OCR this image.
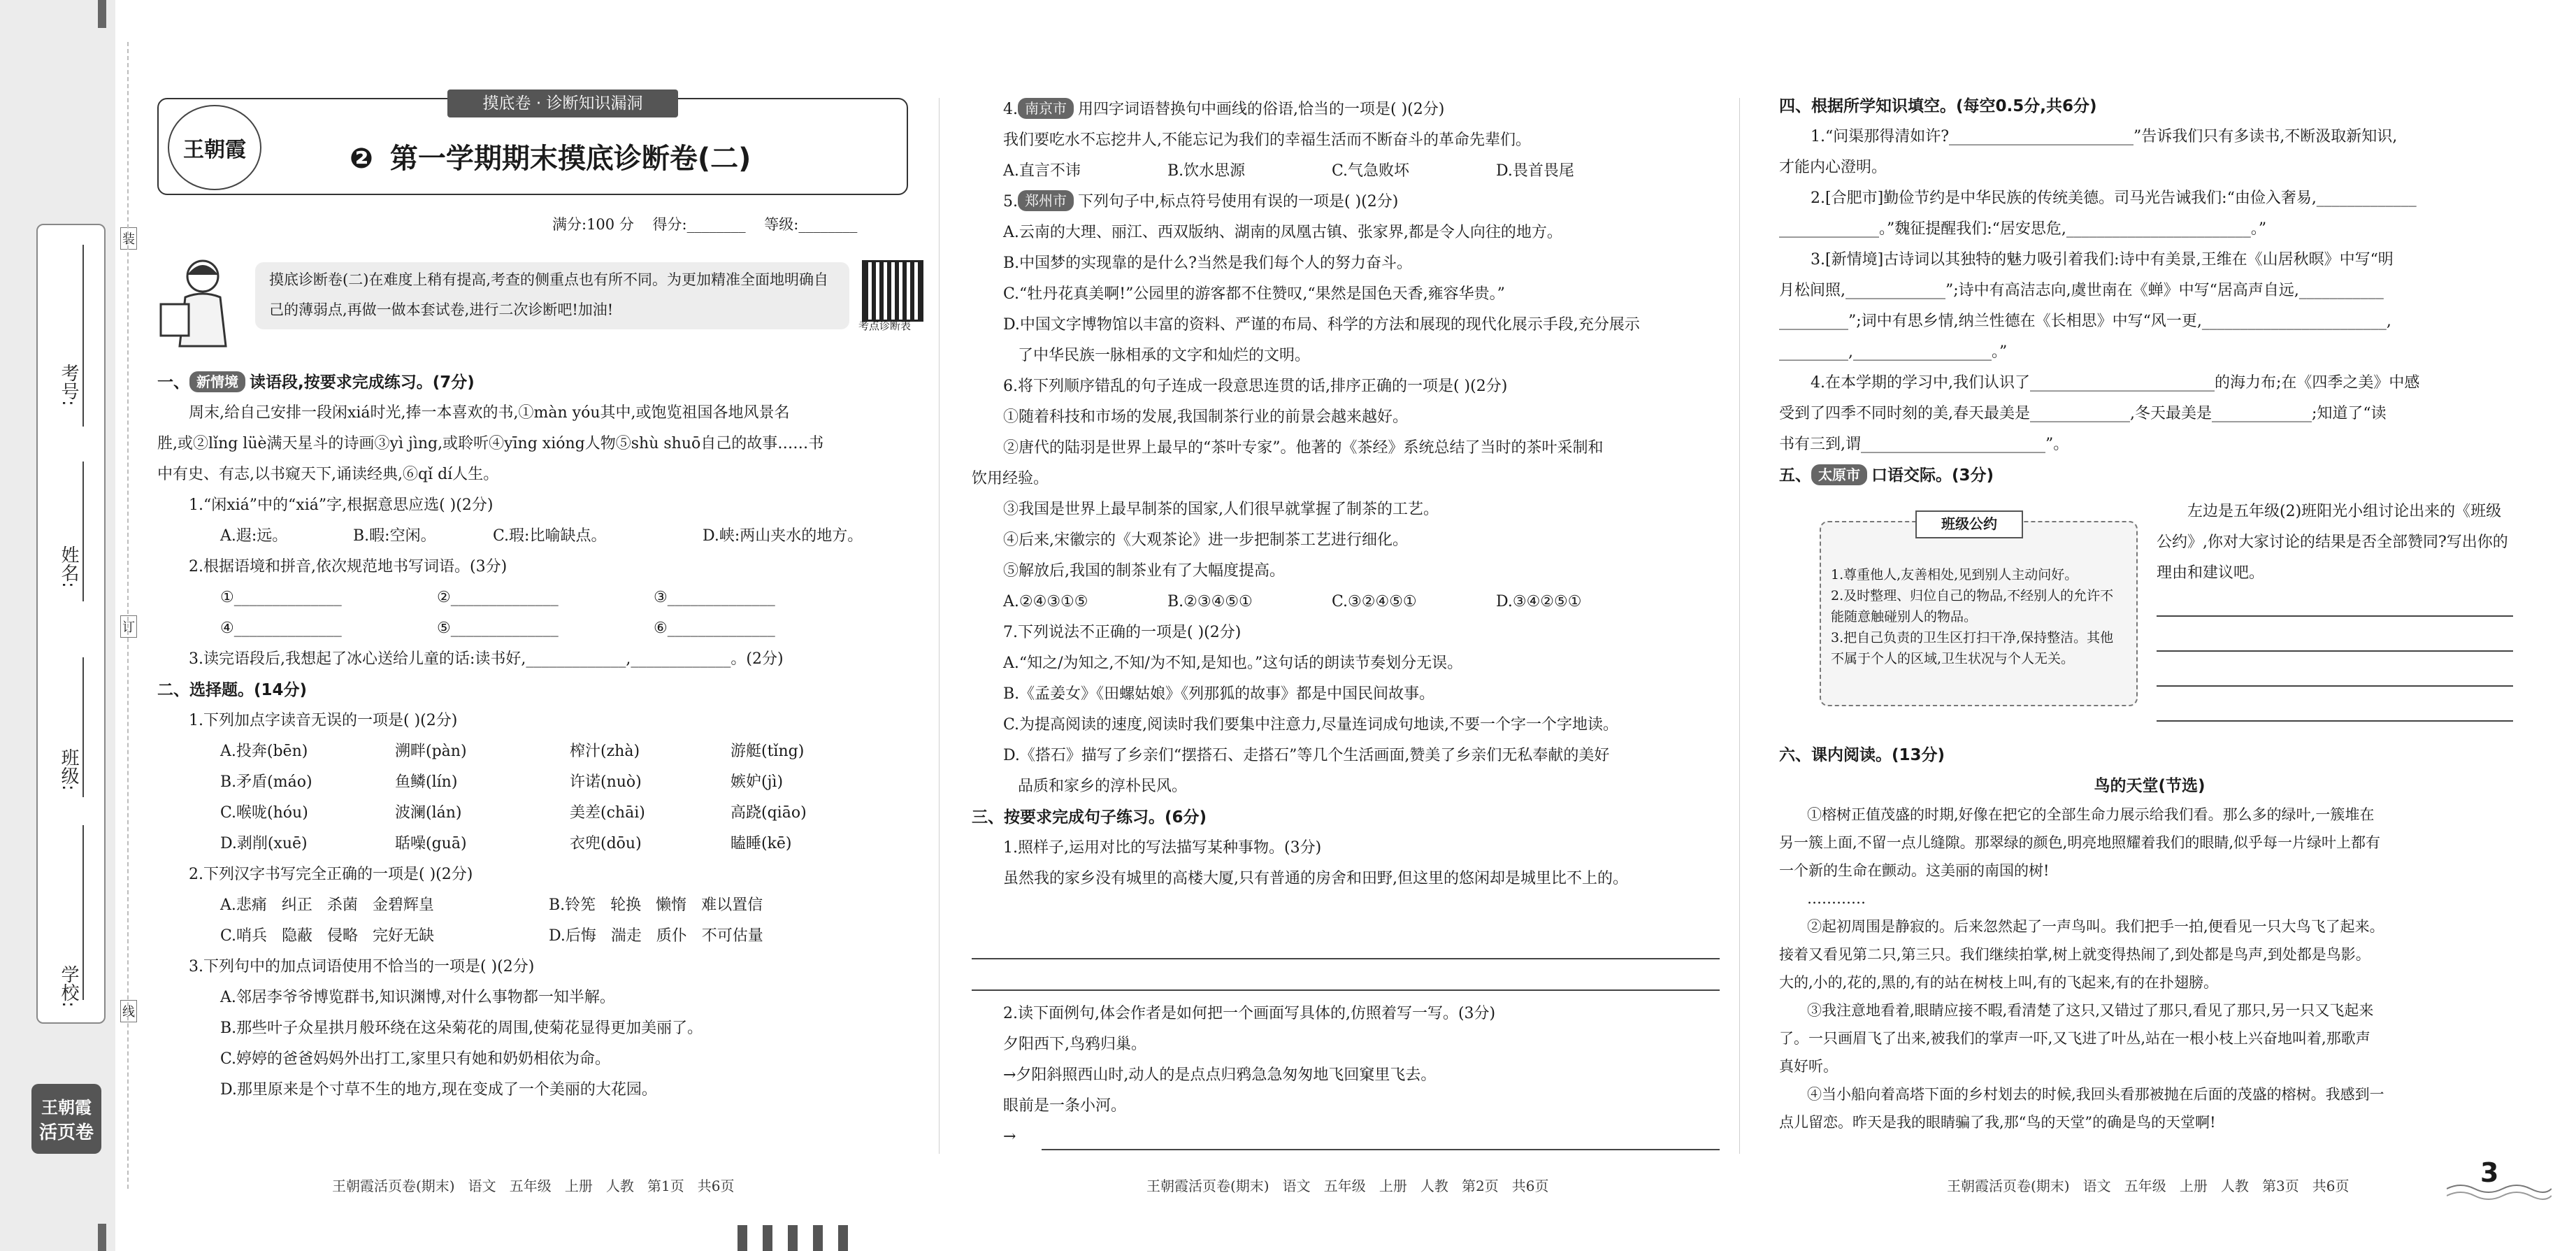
考号:
姓名:
班级:
学校:
装
订
线
王朝霞
活页卷
摸底卷 · 诊断知识漏洞
王朝霞	❷ 第一学期期末摸底诊断卷(二)
满分:100 分    得分:________    等级:________
摸底诊断卷(二)在难度上稍有提高,考查的侧重点也有所不同。为更加精准全面地明确自己的薄弱点,再做一做本套试卷,进行二次诊断吧!加油!
考点诊断表

一、 新情境 读语段,按要求完成练习。(7分)

周末,给自己安排一段闲xiá时光,捧一本喜欢的书,①màn yóu其中,或饱览祖国各地风景名

胜,或②lǐng lüè满天星斗的诗画③yì jìng,或聆听④yīng xióng人物⑤shù shuō自己的故事……书

中有史、有志,以书窥天下,诵读经典,⑥qǐ dí人生。

1.“闲xiá”中的“xiá”字,根据意思应选( )(2分)

A.遐:远。	B.暇:空闲。	C.瑕:比喻缺点。	D.峡:两山夹水的地方。

2.根据语境和拼音,依次规范地书写词语。(3分)

①______________	②______________	③______________

④______________	⑤______________	⑥______________

3.读完语段后,我想起了冰心送给儿童的话:读书好,_____________,_____________。(2分)

二、选择题。(14分)

1.下列加点字读音无误的一项是( )(2分)

A.投奔(bēn)	溯畔(pàn)	榨汁(zhà)	游艇(tǐng)

B.矛盾(máo)	鱼鳞(lín)	许诺(nuò)	嫉妒(jì)

C.喉咙(hóu)	波澜(lán)	美差(chāi)	高跷(qiāo)

D.剥削(xuē)	聒噪(guā)	衣兜(dōu)	瞌睡(kē)

2.下列汉字书写完全正确的一项是( )(2分)

A.悲痛   纠正   杀菌   金碧辉皇	B.铃筅   轮换   懒惰   难以置信

C.哨兵   隐蔽   侵略   完好无缺	D.后悔   湍走   质仆   不可估量

3.下列句中的加点词语使用不恰当的一项是( )(2分)

A.邻居李爷爷博览群书,知识渊博,对什么事物都一知半解。

B.那些叶子众星拱月般环绕在这朵菊花的周围,使菊花显得更加美丽了。

C.婷婷的爸爸妈妈外出打工,家里只有她和奶奶相依为命。

D.那里原来是个寸草不生的地方,现在变成了一个美丽的大花园。

王朝霞活页卷(期末)   语文   五年级   上册   人教   第1页   共6页

4. 南京市 用四字词语替换句中画线的俗语,恰当的一项是( )(2分)

我们要吃水不忘挖井人,不能忘记为我们的幸福生活而不断奋斗的革命先辈们。

A.直言不讳	B.饮水思源	C.气急败坏	D.畏首畏尾

5. 郑州市 下列句子中,标点符号使用有误的一项是( )(2分)

A.云南的大理、丽江、西双版纳、湖南的凤凰古镇、张家界,都是令人向往的地方。

B.中国梦的实现靠的是什么?当然是我们每个人的努力奋斗。

C.“牡丹花真美啊!”公园里的游客都不住赞叹,“果然是国色天香,雍容华贵。”

D.中国文字博物馆以丰富的资料、严谨的布局、科学的方法和展现的现代化展示手段,充分展示

了中华民族一脉相承的文字和灿烂的文明。

6.将下列顺序错乱的句子连成一段意思连贯的话,排序正确的一项是( )(2分)

①随着科技和市场的发展,我国制茶行业的前景会越来越好。

②唐代的陆羽是世界上最早的“茶叶专家”。他著的《茶经》系统总结了当时的茶叶采制和

饮用经验。

③我国是世界上最早制茶的国家,人们很早就掌握了制茶的工艺。

④后来,宋徽宗的《大观茶论》进一步把制茶工艺进行细化。

⑤解放后,我国的制茶业有了大幅度提高。

A.②④③①⑤	B.②③④⑤①	C.③②④⑤①	D.③④②⑤①

7.下列说法不正确的一项是( )(2分)

A.“知之/为知之,不知/为不知,是知也。”这句话的朗读节奏划分无误。

B.《孟姜女》《田螺姑娘》《列那狐的故事》都是中国民间故事。

C.为提高阅读的速度,阅读时我们要集中注意力,尽量连词成句地读,不要一个字一个字地读。

D.《搭石》描写了乡亲们“摆搭石、走搭石”等几个生活画面,赞美了乡亲们无私奉献的美好

品质和家乡的淳朴民风。

三、按要求完成句子练习。(6分)

1.照样子,运用对比的写法描写某种事物。(3分)

虽然我的家乡没有城里的高楼大厦,只有普通的房舍和田野,但这里的悠闲却是城里比不上的。

2.读下面例句,体会作者是如何把一个画面写具体的,仿照着写一写。(3分)

夕阳西下,鸟鸦归巢。

→夕阳斜照西山时,动人的是点点归鸦急急匆匆地飞回窠里飞去。

眼前是一条小河。

→

王朝霞活页卷(期末)   语文   五年级   上册   人教   第2页   共6页

四、根据所学知识填空。(每空0.5分,共6分)

1.“问渠那得清如许?________________________”告诉我们只有多读书,不断汲取新知识,

才能内心澄明。

2.[合肥市]勤俭节约是中华民族的传统美德。司马光告诫我们:“由俭入奢易,_____________

_____________。”魏征提醒我们:“居安思危,________________________。”

3.[新情境]古诗词以其独特的魅力吸引着我们:诗中有美景,王维在《山居秋暝》中写“明

月松间照,_____________”;诗中有高洁志向,虞世南在《蝉》中写“居高声自远,___________

_________”;词中有思乡情,纳兰性德在《长相思》中写“风一更,________________________,

_________,__________________。”

4.在本学期的学习中,我们认识了________________________的海力布;在《四季之美》中感

受到了四季不同时刻的美,春天最美是_____________,冬天最美是_____________;知道了“读

书有三到,谓________________________”。

五、 太原市 口语交际。(3分)

1.尊重他人,友善相处,见到别人主动问好。
2.及时整理、归位自己的物品,不经别人的允许不能随意触碰别人的物品。
3.把自己负责的卫生区打扫干净,保持整洁。其他不属于个人的区域,卫生状况与个人无关。
班级公约
左边是五年级(2)班阳光小组讨论出来的《班级公约》,你对大家讨论的结果是否全部赞同?写出你的理由和建议吧。

六、课内阅读。(13分)

鸟的天堂(节选)

①榕树正值茂盛的时期,好像在把它的全部生命力展示给我们看。那么多的绿叶,一簇堆在

另一簇上面,不留一点儿缝隙。那翠绿的颜色,明亮地照耀着我们的眼睛,似乎每一片绿叶上都有

一个新的生命在颤动。这美丽的南国的树!

…………

②起初周围是静寂的。后来忽然起了一声鸟叫。我们把手一拍,便看见一只大鸟飞了起来。

接着又看见第二只,第三只。我们继续拍掌,树上就变得热闹了,到处都是鸟声,到处都是鸟影。

大的,小的,花的,黑的,有的站在树枝上叫,有的飞起来,有的在扑翅膀。

③我注意地看着,眼睛应接不暇,看清楚了这只,又错过了那只,看见了那只,另一只又飞起来

了。一只画眉飞了出来,被我们的掌声一吓,又飞进了叶丛,站在一根小枝上兴奋地叫着,那歌声

真好听。

④当小船向着高塔下面的乡村划去的时候,我回头看那被抛在后面的茂盛的榕树。我感到一

点儿留恋。昨天是我的眼睛骗了我,那“鸟的天堂”的确是鸟的天堂啊!

王朝霞活页卷(期末)   语文   五年级   上册   人教   第3页   共6页	3
